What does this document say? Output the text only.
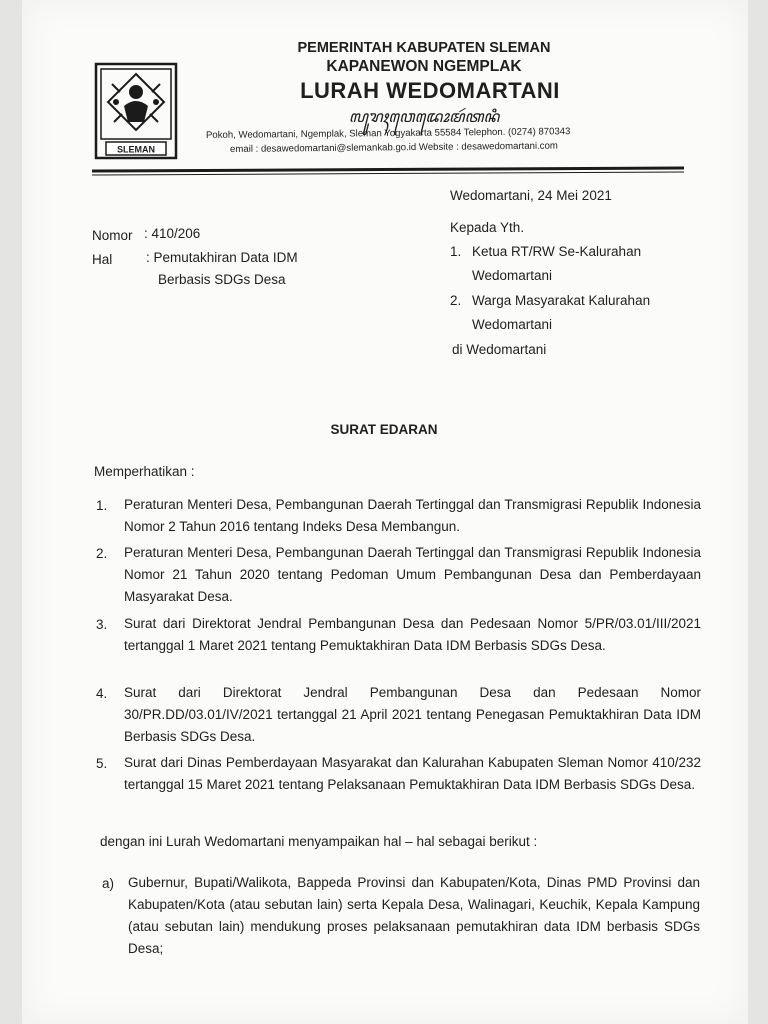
SLEMAN
PEMERINTAH KABUPATEN SLEMAN
KAPANEWON NGEMPLAK
LURAH WEDOMARTANI
ꦭꦸꦫꦃꦮꦺꦢꦺꦴꦩꦂꦠꦤꦶ
Pokoh, Wedomartani, Ngemplak, Sleman Yogyakarta 55584 Telephon. (0274) 870343
email : desawedomartani@slemankab.go.id Website : desawedomartani.com
Wedomartani, 24 Mei 2021
Nomor : 410/206
Hal : Pemutakhiran Data IDM
Berbasis SDGs Desa
Kepada Yth.
1. Ketua RT/RW Se-Kalurahan
Wedomartani
2. Warga Masyarakat Kalurahan
Wedomartani
di Wedomartani
SURAT EDARAN
Memperhatikan :
1. Peraturan Menteri Desa, Pembangunan Daerah Tertinggal dan Transmigrasi Republik Indonesia Nomor 2 Tahun 2016 tentang Indeks Desa Membangun.
2. Peraturan Menteri Desa, Pembangunan Daerah Tertinggal dan Transmigrasi Republik Indonesia Nomor 21 Tahun 2020 tentang Pedoman Umum Pembangunan Desa dan Pemberdayaan Masyarakat Desa.
3. Surat dari Direktorat Jendral Pembangunan Desa dan Pedesaan Nomor 5/PR/03.01/III/2021 tertanggal 1 Maret 2021 tentang Pemuktakhiran Data IDM Berbasis SDGs Desa.
4. Surat dari Direktorat Jendral Pembangunan Desa dan Pedesaan Nomor 30/PR.DD/03.01/IV/2021 tertanggal 21 April 2021 tentang Penegasan Pemuktakhiran Data IDM Berbasis SDGs Desa.
5. Surat dari Dinas Pemberdayaan Masyarakat dan Kalurahan Kabupaten Sleman Nomor 410/232 tertanggal 15 Maret 2021 tentang Pelaksanaan Pemuktakhiran Data IDM Berbasis SDGs Desa.
dengan ini Lurah Wedomartani menyampaikan hal – hal sebagai berikut :
a) Gubernur, Bupati/Walikota, Bappeda Provinsi dan Kabupaten/Kota, Dinas PMD Provinsi dan Kabupaten/Kota (atau sebutan lain) serta Kepala Desa, Walinagari, Keuchik, Kepala Kampung (atau sebutan lain) mendukung proses pelaksanaan pemutakhiran data IDM berbasis SDGs Desa;
